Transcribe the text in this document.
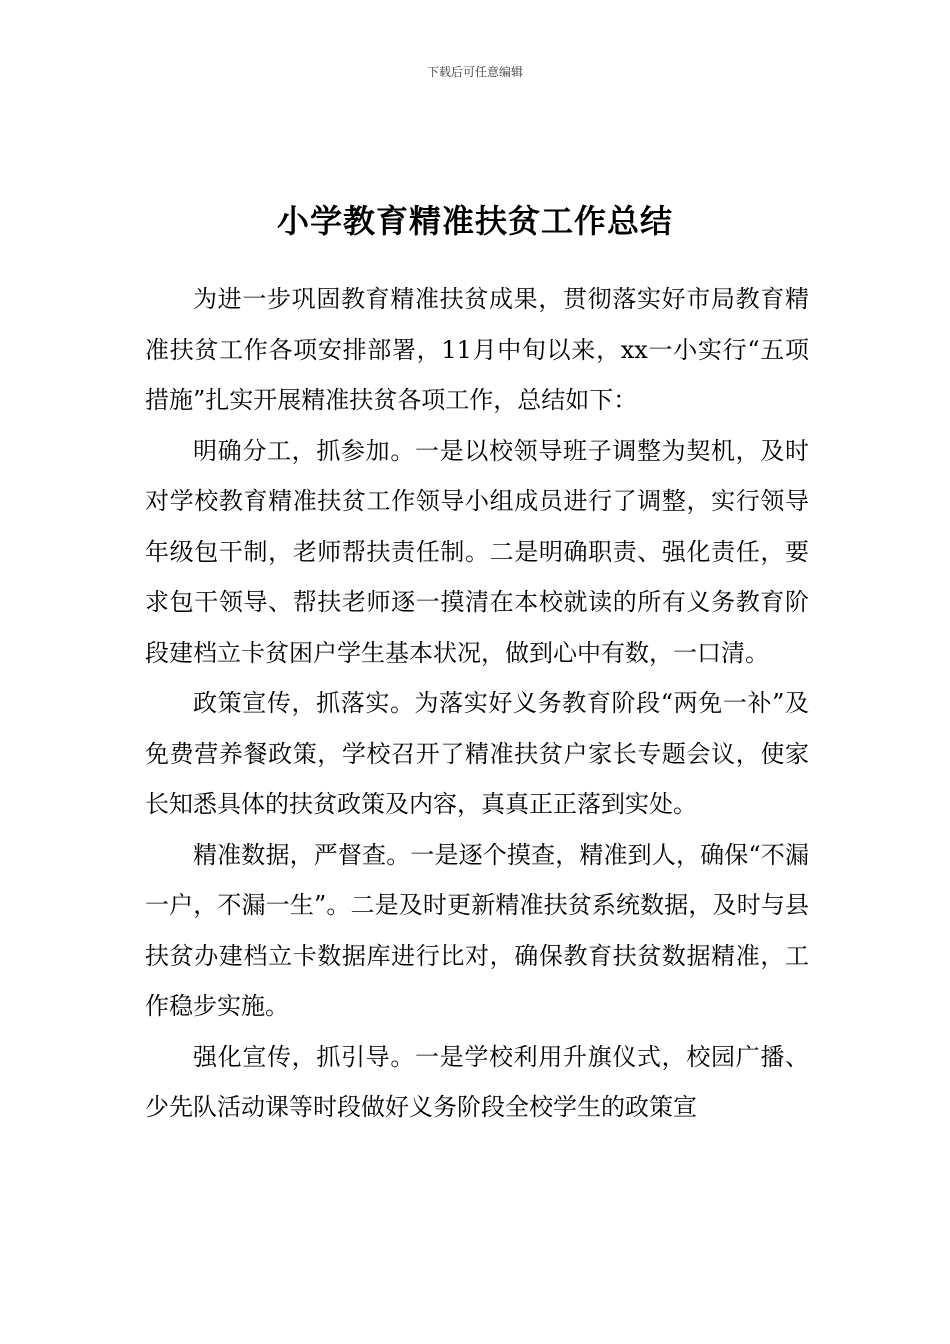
下载后可任意编辑
小学教育精准扶贫工作总结

为进一步巩固教育精准扶贫成果，贯彻落实好市局教育精准扶贫工作各项安排部署，11月中旬以来，xx一小实行“五项措施”扎实开展精准扶贫各项工作，总结如下：

明确分工，抓参加。一是以校领导班子调整为契机，及时对学校教育精准扶贫工作领导小组成员进行了调整，实行领导年级包干制，老师帮扶责任制。二是明确职责、强化责任，要求包干领导、帮扶老师逐一摸清在本校就读的所有义务教育阶段建档立卡贫困户学生基本状况，做到心中有数，一口清。

政策宣传，抓落实。为落实好义务教育阶段“两免一补”及免费营养餐政策，学校召开了精准扶贫户家长专题会议，使家长知悉具体的扶贫政策及内容，真真正正落到实处。

精准数据，严督查。一是逐个摸查，精准到人，确保“不漏一户，不漏一生”。二是及时更新精准扶贫系统数据，及时与县扶贫办建档立卡数据库进行比对，确保教育扶贫数据精准，工作稳步实施。

强化宣传，抓引导。一是学校利用升旗仪式，校园广播、少先队活动课等时段做好义务阶段全校学生的政策宣
